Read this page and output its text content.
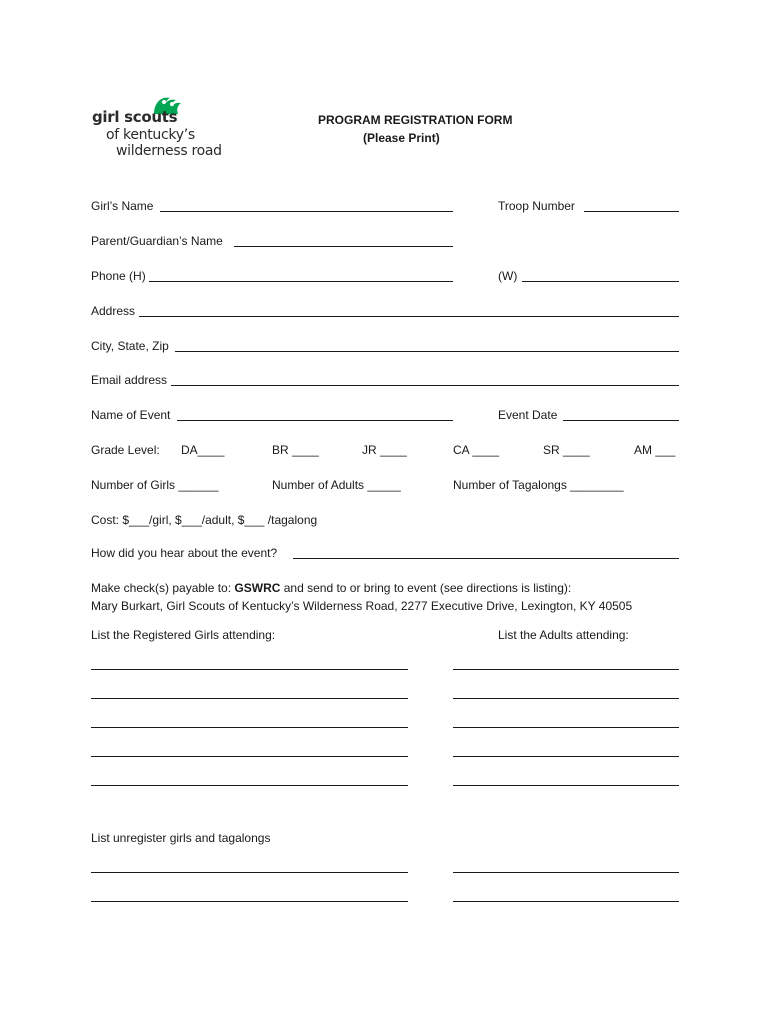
girl scouts
of kentucky’s
wilderness road
PROGRAM REGISTRATION FORM
(Please Print)
Girl’s Name	Troop Number
Parent/Guardian’s Name
Phone (H)	(W)
Address
City, State, Zip
Email address
Name of Event	Event Date
Grade Level: DA____	BR ____	JR ____	CA ____	SR ____	AM ___
Number of Girls ______	Number of Adults _____	Number of Tagalongs ________
Cost: $___/girl, $___/adult, $___ /tagalong
How did you hear about the event?
Make check(s) payable to: GSWRC and send to or bring to event (see directions is listing):
Mary Burkart, Girl Scouts of Kentucky’s Wilderness Road, 2277 Executive Drive, Lexington, KY 40505
List the Registered Girls attending:	List the Adults attending:
List unregister girls and tagalongs
